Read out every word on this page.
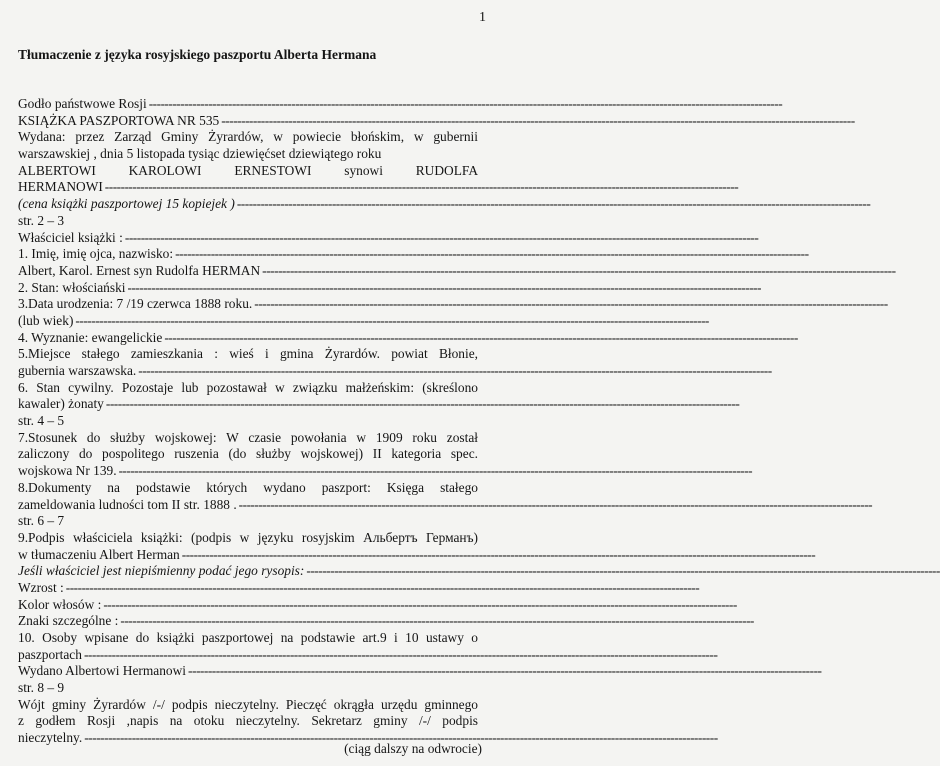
1
Tłumaczenie z języka rosyjskiego paszportu Alberta Hermana
Godło państwowe Rosji ----------------------------------------------------------------------------------------------------------------------------------------------------------------
KSIĄŻKA PASZPORTOWA NR 535 ----------------------------------------------------------------------------------------------------------------------------------------------------------------
Wydana: przez Zarząd Gminy Żyrardów, w powiecie błońskim, w gubernii
warszawskiej , dnia 5 listopada tysiąc dziewięćset dziewiątego roku
ALBERTOWI KAROLOWI ERNESTOWI synowi RUDOLFA
HERMANOWI ----------------------------------------------------------------------------------------------------------------------------------------------------------------
(cena książki paszportowej 15 kopiejek ) ----------------------------------------------------------------------------------------------------------------------------------------------------------------
str. 2 – 3
Właściciel książki : ----------------------------------------------------------------------------------------------------------------------------------------------------------------
1. Imię, imię ojca, nazwisko: ----------------------------------------------------------------------------------------------------------------------------------------------------------------
Albert, Karol. Ernest syn Rudolfa HERMAN ----------------------------------------------------------------------------------------------------------------------------------------------------------------
2. Stan: włościański ----------------------------------------------------------------------------------------------------------------------------------------------------------------
3.Data urodzenia: 7 /19 czerwca 1888 roku. ----------------------------------------------------------------------------------------------------------------------------------------------------------------
(lub wiek) ----------------------------------------------------------------------------------------------------------------------------------------------------------------
4. Wyznanie: ewangelickie ----------------------------------------------------------------------------------------------------------------------------------------------------------------
5.Miejsce stałego zamieszkania : wieś i gmina Żyrardów. powiat Błonie,
gubernia warszawska. ----------------------------------------------------------------------------------------------------------------------------------------------------------------
6. Stan cywilny. Pozostaje lub pozostawał w związku małżeńskim: (skreślono
kawaler) żonaty ----------------------------------------------------------------------------------------------------------------------------------------------------------------
str. 4 – 5
7.Stosunek do służby wojskowej: W czasie powołania w 1909 roku został
zaliczony do pospolitego ruszenia (do służby wojskowej) II kategoria spec.
wojskowa Nr 139. ----------------------------------------------------------------------------------------------------------------------------------------------------------------
8.Dokumenty na podstawie których wydano paszport: Księga stałego
zameldowania ludności tom II str. 1888 . ----------------------------------------------------------------------------------------------------------------------------------------------------------------
str. 6 – 7
9.Podpis właściciela książki: (podpis w języku rosyjskim Альбертъ Германъ)
w tłumaczeniu Albert Herman ----------------------------------------------------------------------------------------------------------------------------------------------------------------
Jeśli właściciel jest niepiśmienny podać jego rysopis: ----------------------------------------------------------------------------------------------------------------------------------------------------------------
Wzrost : ----------------------------------------------------------------------------------------------------------------------------------------------------------------
Kolor włosów : ----------------------------------------------------------------------------------------------------------------------------------------------------------------
Znaki szczególne : ----------------------------------------------------------------------------------------------------------------------------------------------------------------
10. Osoby wpisane do książki paszportowej na podstawie art.9 i 10 ustawy o
paszportach ----------------------------------------------------------------------------------------------------------------------------------------------------------------
Wydano Albertowi Hermanowi ----------------------------------------------------------------------------------------------------------------------------------------------------------------
str. 8 – 9
Wójt gminy Żyrardów /-/ podpis nieczytelny. Pieczęć okrągła urzędu gminnego
z godłem Rosji ,napis na otoku nieczytelny. Sekretarz gminy /-/ podpis
nieczytelny. ----------------------------------------------------------------------------------------------------------------------------------------------------------------
(ciąg dalszy na odwrocie)
